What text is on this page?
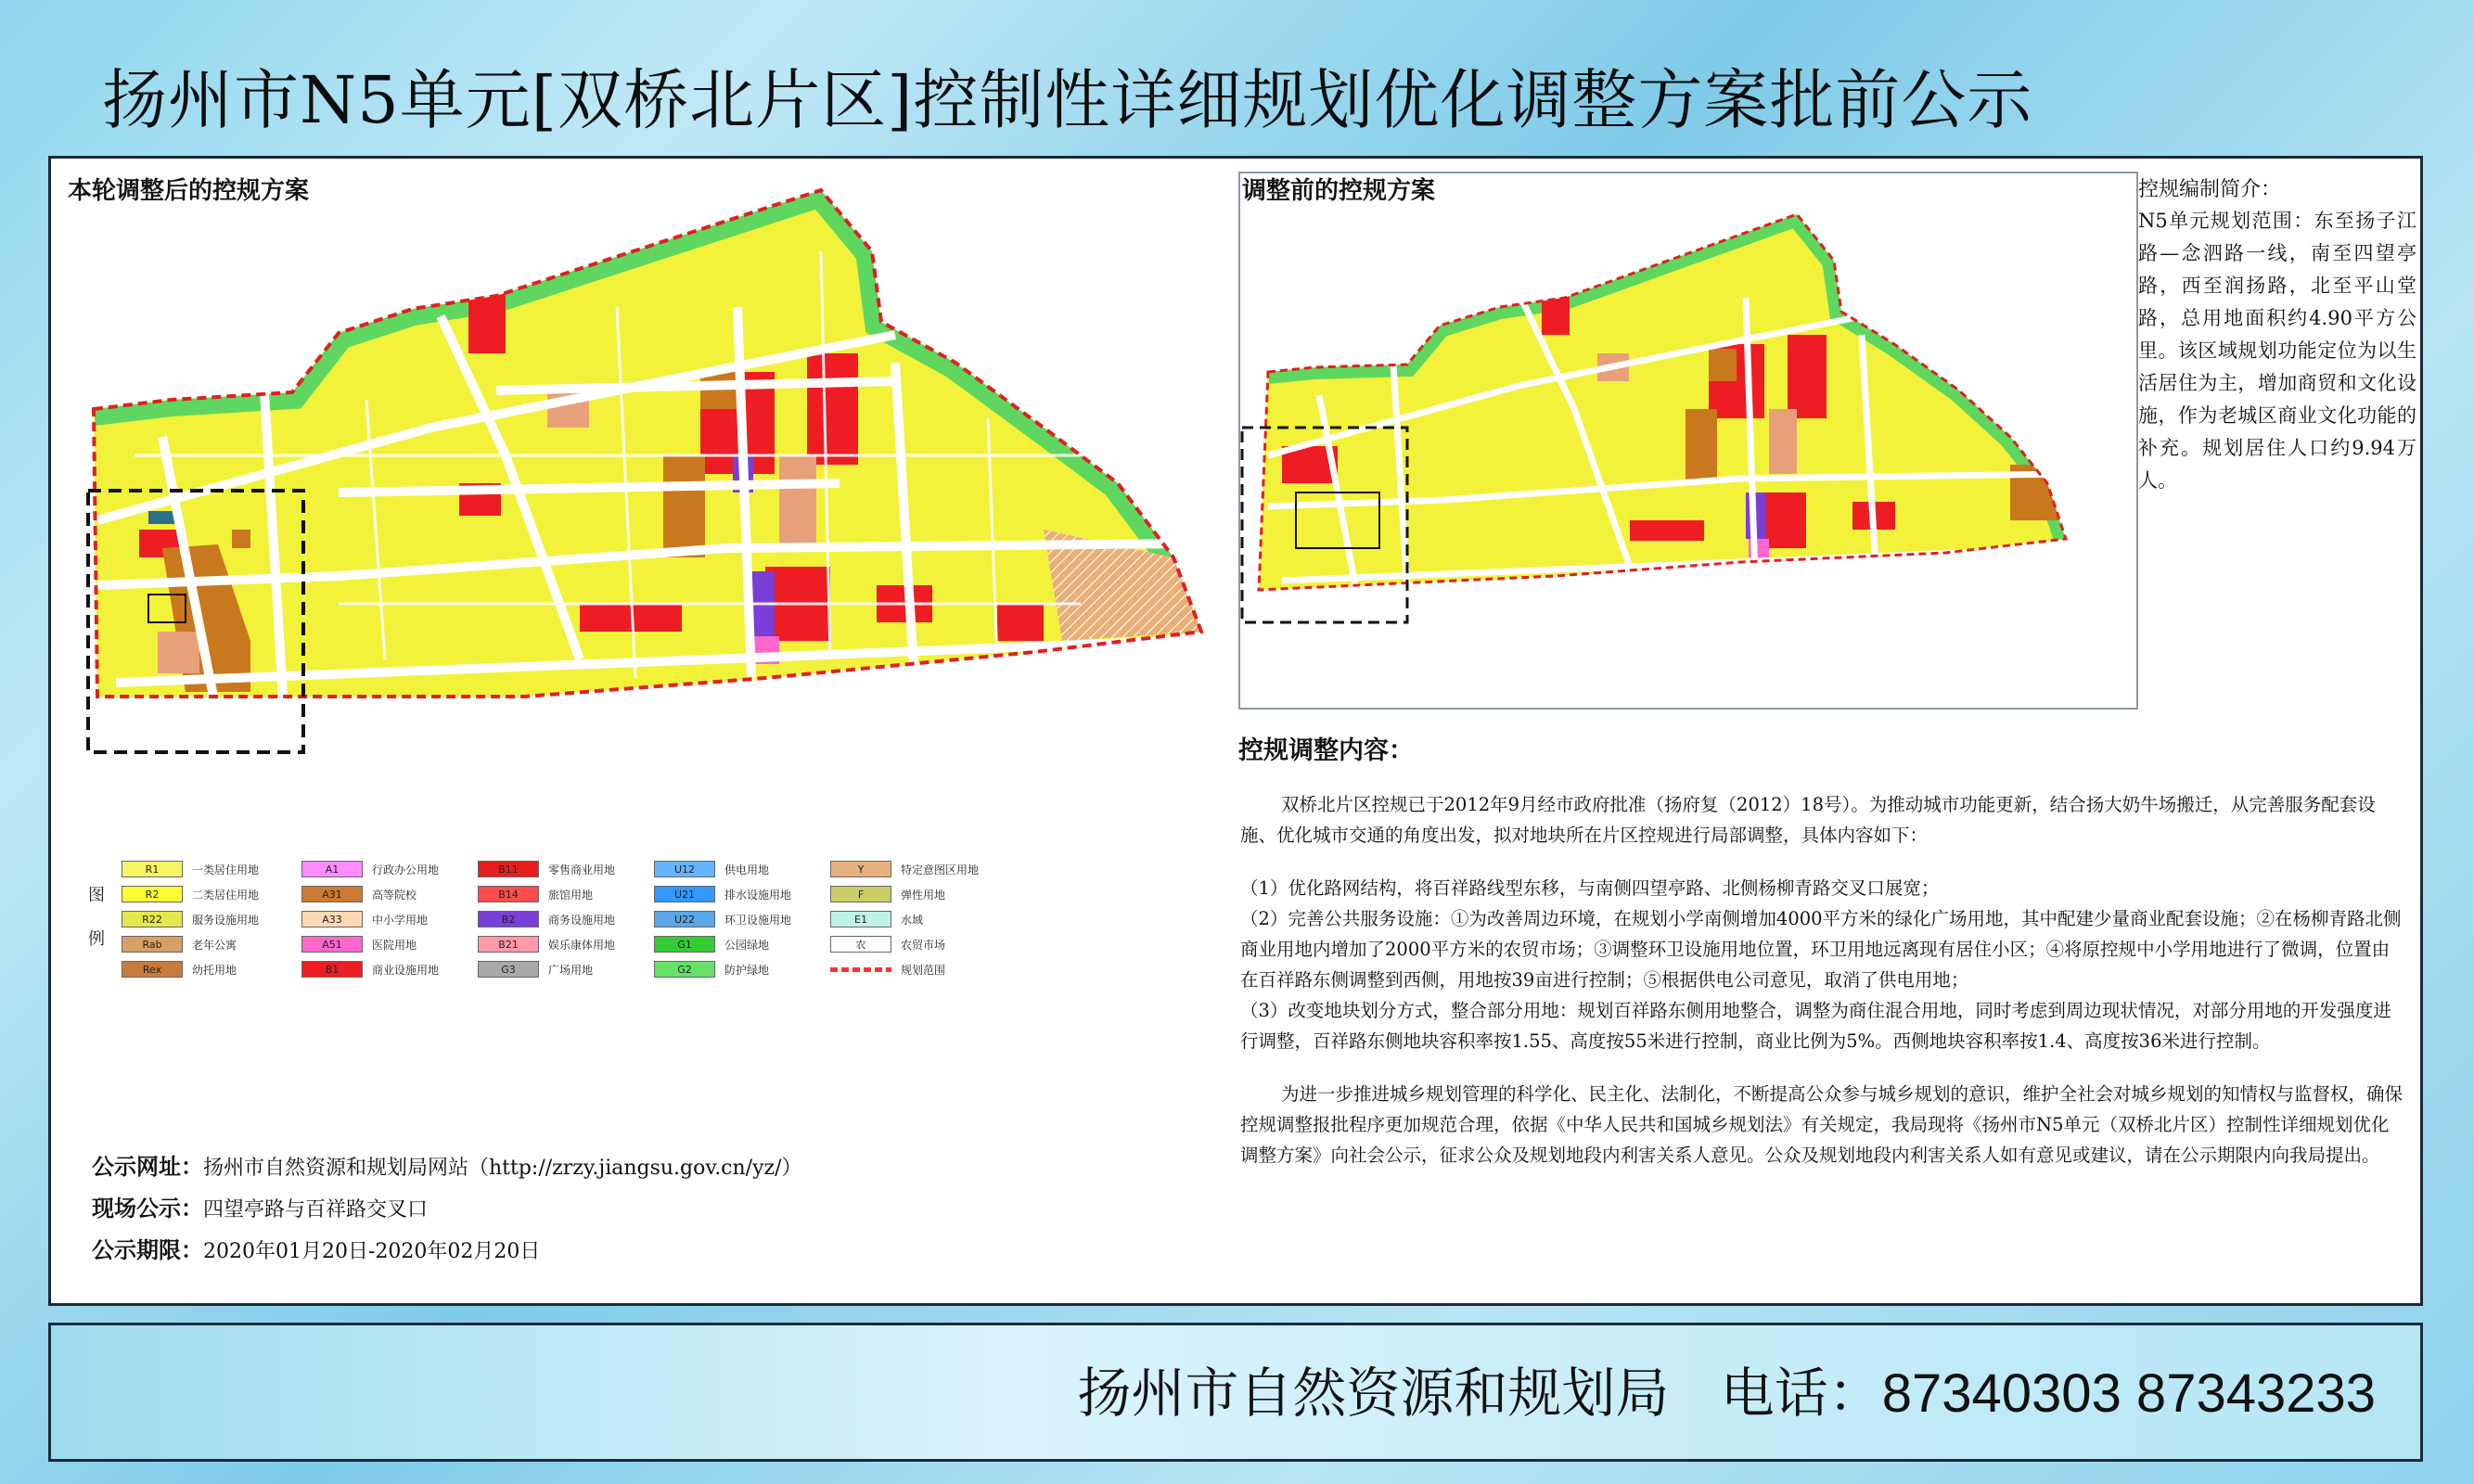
扬州市N5单元[双桥北片区]控制性详细规划优化调整方案批前公示
本轮调整后的控规方案	调整前的控规方案	控规编制简介：
N5单元规划范围：东至扬子江路—念泗路一线，南至四望亭路，西至润扬路，北至平山堂路，总用地面积约4.90平方公里。该区域规划功能定位为以生活居住为主，增加商贸和文化设施，作为老城区商业文化功能的补充。规划居住人口约9.94万人。
控规调整内容：

双桥北片区控规已于2012年9月经市政府批准（扬府复（2012）18号）。为推动城市功能更新，结合扬大奶牛场搬迁，从完善服务配套设施、优化城市交通的角度出发，拟对地块所在片区控规进行局部调整，具体内容如下：

（1）优化路网结构，将百祥路线型东移，与南侧四望亭路、北侧杨柳青路交叉口展宽；

（2）完善公共服务设施：①为改善周边环境，在规划小学南侧增加4000平方米的绿化广场用地，其中配建少量商业配套设施；②在杨柳青路北侧商业用地内增加了2000平方米的农贸市场；③调整环卫设施用地位置，环卫用地远离现有居住小区；④将原控规中小学用地进行了微调，位置由在百祥路东侧调整到西侧，用地按39亩进行控制；⑤根据供电公司意见，取消了供电用地；

（3）改变地块划分方式，整合部分用地：规划百祥路东侧用地整合，调整为商住混合用地，同时考虑到周边现状情况，对部分用地的开发强度进行调整，百祥路东侧地块容积率按1.55、高度按55米进行控制，商业比例为5%。西侧地块容积率按1.4、高度按36米进行控制。

为进一步推进城乡规划管理的科学化、民主化、法制化，不断提高公众参与城乡规划的意识，维护全社会对城乡规划的知情权与监督权，确保控规调整报批程序更加规范合理，依据《中华人民共和国城乡规划法》有关规定，我局现将《扬州市N5单元（双桥北片区）控制性详细规划优化调整方案》向社会公示，征求公众及规划地段内利害关系人意见。公众及规划地段内利害关系人如有意见或建议，请在公示期限内向我局提出。

图

例
R1	一类居住用地
R2	二类居住用地
R22	服务设施用地
Rab	老年公寓
Rex	幼托用地
A1	行政办公用地
A31	高等院校
A33	中小学用地
A51	医院用地
B1	商业设施用地
B11	零售商业用地
B14	旅馆用地
B2	商务设施用地
B21	娱乐康体用地
G3	广场用地
U12	供电用地
U21	排水设施用地
U22	环卫设施用地
G1	公园绿地
G2	防护绿地
Y	特定意图区用地
F	弹性用地
E1	水域
农	农贸市场
规划范围
公示网址：扬州市自然资源和规划局网站（http://zrzy.jiangsu.gov.cn/yz/）
现场公示：四望亭路与百祥路交叉口
公示期限：2020年01月20日-2020年02月20日
扬州市自然资源和规划局 电话：87340303 87343233
